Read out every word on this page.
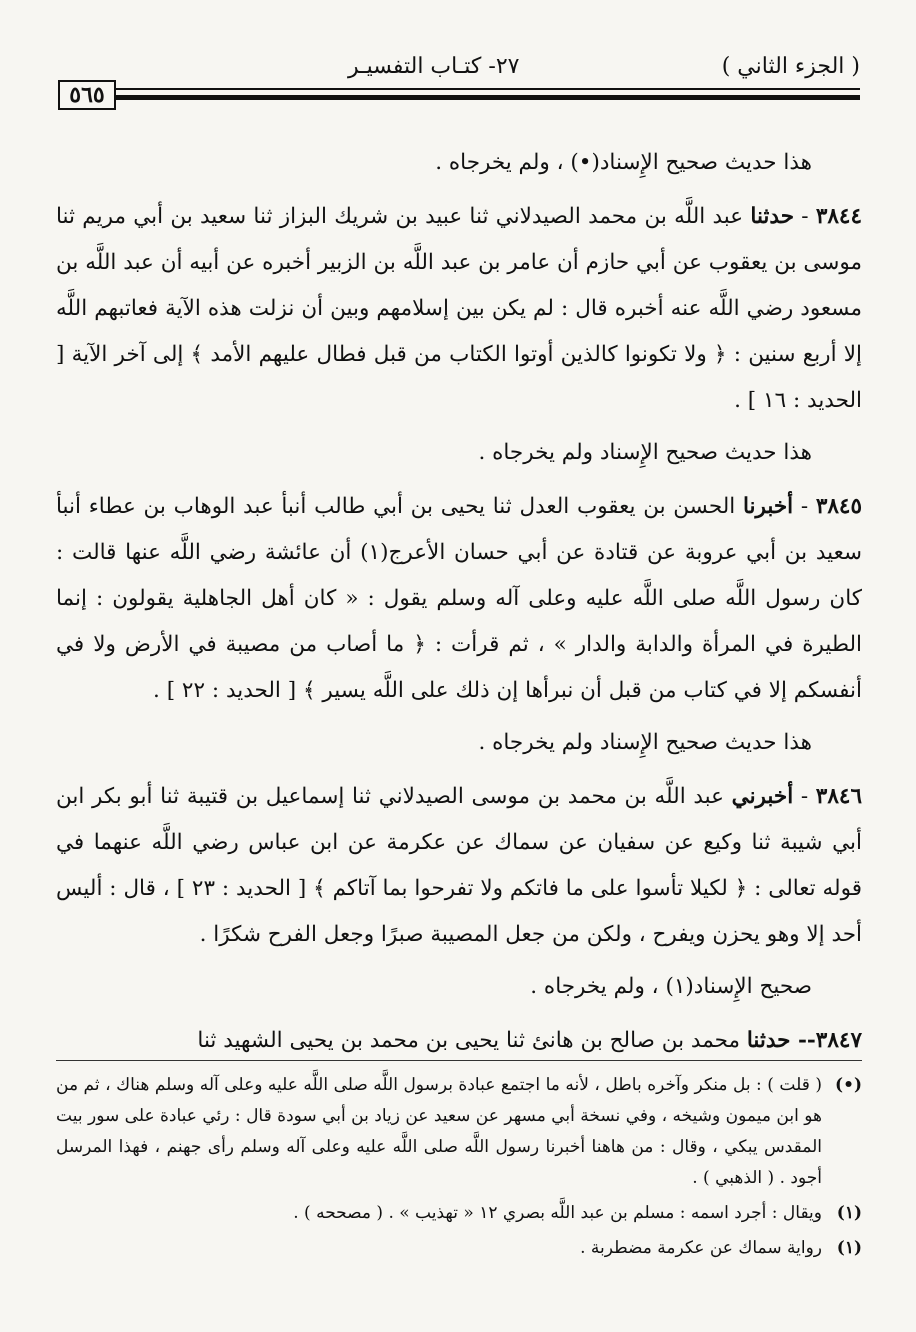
٥٦٥
٢٧- كتـاب التفسيـر	( الجزء الثاني )

هذا حديث صحيح الإِسناد(•) ، ولم يخرجاه .

٣٨٤٤ - حدثنا عبد اللَّه بن محمد الصيدلاني ثنا عبيد بن شريك البزاز ثنا سعيد بن أبي مريم ثنا موسى بن يعقوب عن أبي حازم أن عامر بن عبد اللَّه بن الزبير أخبره عن أبيه أن عبد اللَّه بن مسعود رضي اللَّه عنه أخبره قال : لم يكن بين إسلامهم وبين أن نزلت هذه الآية فعاتبهم اللَّه إلا أربع سنين : ﴿ ولا تكونوا كالذين أوتوا الكتاب من قبل فطال عليهم الأمد ﴾ إلى آخر الآية [ الحديد : ١٦ ] .

هذا حديث صحيح الإِسناد ولم يخرجاه .

٣٨٤٥ - أخبرنا الحسن بن يعقوب العدل ثنا يحيى بن أبي طالب أنبأ عبد الوهاب بن عطاء أنبأ سعيد بن أبي عروبة عن قتادة عن أبي حسان الأعرج(١) أن عائشة رضي اللَّه عنها قالت : كان رسول اللَّه صلى اللَّه عليه وعلى آله وسلم يقول : « كان أهل الجاهلية يقولون : إنما الطيرة في المرأة والدابة والدار » ، ثم قرأت : ﴿ ما أصاب من مصيبة في الأرض ولا في أنفسكم إلا في كتاب من قبل أن نبرأها إن ذلك على اللَّه يسير ﴾ [ الحديد : ٢٢ ] .

هذا حديث صحيح الإِسناد ولم يخرجاه .

٣٨٤٦ - أخبرني عبد اللَّه بن محمد بن موسى الصيدلاني ثنا إسماعيل بن قتيبة ثنا أبو بكر ابن أبي شيبة ثنا وكيع عن سفيان عن سماك عن عكرمة عن ابن عباس رضي اللَّه عنهما في قوله تعالى : ﴿ لكيلا تأسوا على ما فاتكم ولا تفرحوا بما آتاكم ﴾ [ الحديد : ٢٣ ] ، قال : أليس أحد إلا وهو يحزن ويفرح ، ولكن من جعل المصيبة صبرًا وجعل الفرح شكرًا .

صحيح الإِسناد(١) ، ولم يخرجاه .

٣٨٤٧-- حدثنا محمد بن صالح بن هانئ ثنا يحيى بن محمد بن يحيى الشهيد ثنا

(•)
( قلت ) : بل منكر وآخره باطل ، لأنه ما اجتمع عبادة برسول اللَّه صلى اللَّه عليه وعلى آله وسلم هناك ، ثم من هو ابن ميمون وشيخه ، وفي نسخة أبي مسهر عن سعيد عن زياد بن أبي سودة قال : رئي عبادة على سور بيت المقدس يبكي ، وقال : من هاهنا أخبرنا رسول اللَّه صلى اللَّه عليه وعلى آله وسلم رأى جهنم ، فهذا المرسل أجود . ( الذهبي ) .

(١)
ويقال : أجرد اسمه : مسلم بن عبد اللَّه بصري ١٢ « تهذيب » . ( مصححه ) .

(١)
رواية سماك عن عكرمة مضطربة .
